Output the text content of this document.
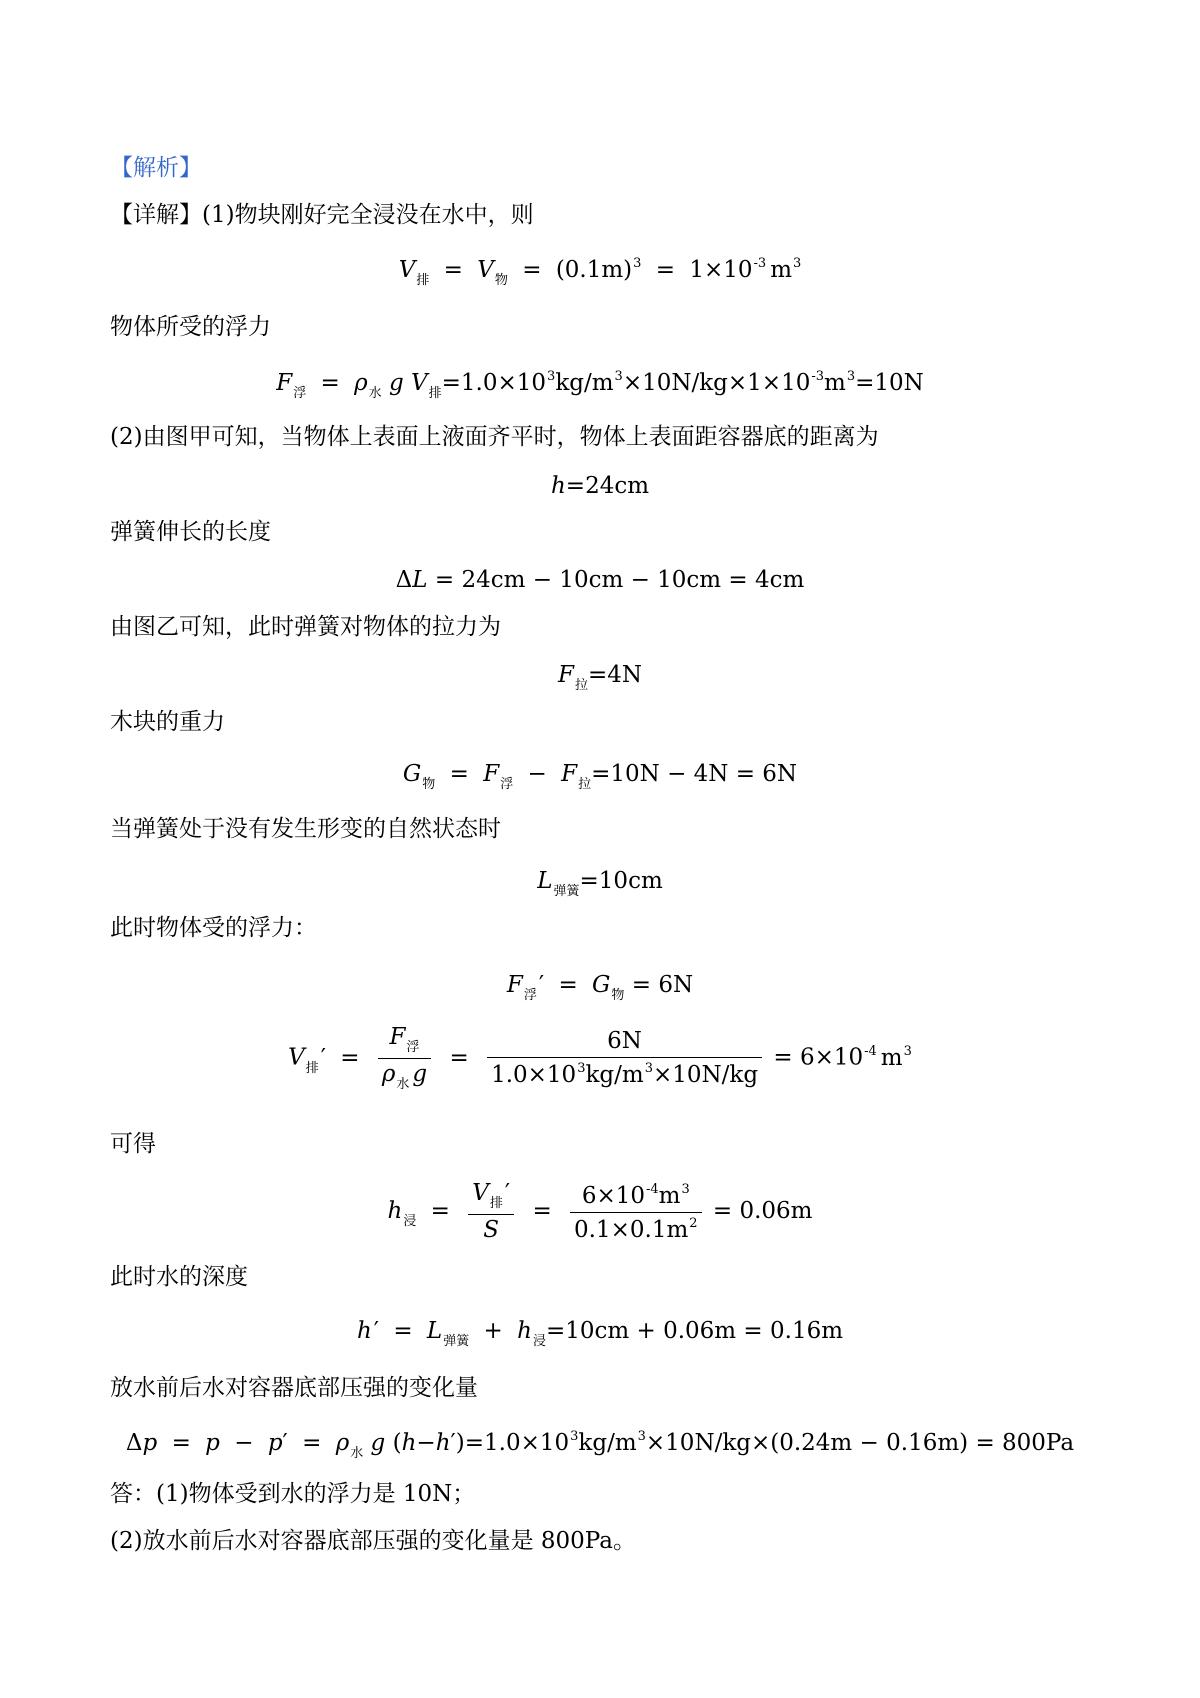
【解析】
【详解】(1)物块刚好完全浸没在水中，则
$V_排 = V_物 = (0.1m)^3 = 1\times 10^{-3}$ $m^3$
物体所受的浮力
$F_浮 = \rho_水$ g $V_排=1.0\times 10^3kg/m^3\times 10N/kg\times 1\times 10^{-3}m^3=10N$
(2)由图甲可知，当物体上表面上液面齐平时，物体上表面距容器底的距离为
h=24cm
弹簧伸长的长度
ΔL = 24cm − 10cm − 10cm = 4cm
由图乙可知，此时弹簧对物体的拉力为
$F_拉=4N$
木块的重力
$G_物 = F_浮 - F_拉=10N - 4N = 6N$
当弹簧处于没有发生形变的自然状态时
$L_{弹簧}=10cm$
此时物体受的浮力：
$F_浮' = G_物 = 6N$
$V_排' = \frac{F_浮}{\rho_水 g} = \frac{6N}{1.0\times 10^3kg/m^3\times 10N/kg} = 6\times 10^{-4}$ $m^3$
可得
$h_浸 = \frac{V_排'}{S} = \frac{6\times 10^{-4}m^3}{0.1\times 0.1m^2} = 0.06m$
此时水的深度
$h' = L_{弹簧} + h_浸=10cm + 0.06m = 0.16m$
放水前后水对容器底部压强的变化量
$\Delta p = p - p' = \rho_水$ g $(h-h')=1.0\times 10^3kg/m^3\times 10N/kg\times(0.24m - 0.16m) = 800Pa$
答：(1)物体受到水的浮力是 10N；
(2)放水前后水对容器底部压强的变化量是 800Pa。
